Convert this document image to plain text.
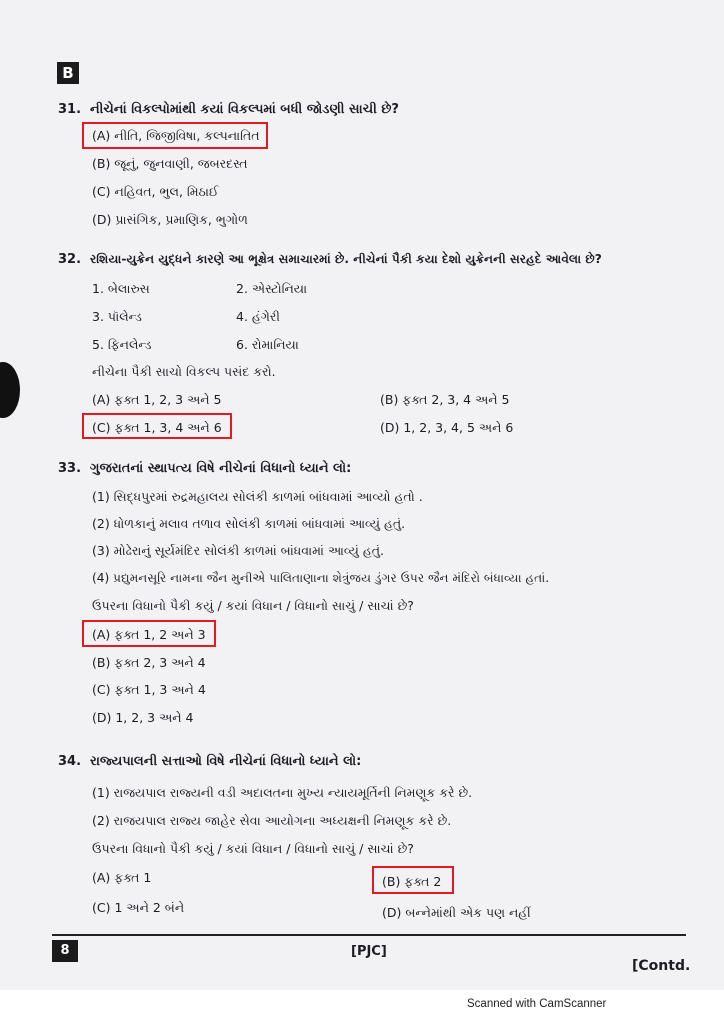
B
31. નીચેનાં વિકલ્પોમાંથી કયાં વિકલ્પમાં બધી જોડણી સાચી છે?
(A) નીતિ, જિજીવિષા, કલ્પનાતિત
(B) જૂનું, જુનવાણી, જબરદસ્ત
(C) નહિવત, ભુલ, મિઠાઈ
(D) પ્રાસંગિક, પ્રમાણિક, ભુગોળ
32. રશિયા-યુક્રેન યુદ્ધને કારણે આ ભૂક્ષેત્ર સમાચારમાં છે. નીચેનાં પૈકી કયા દેશો યુક્રેનની સરહદે આવેલા છે?
1. બેલારુસ	2. એસ્ટોનિયા
3. પૉલેન્ડ	4. હંગેરી
5. ફિનલેન્ડ	6. રોમાનિયા
નીચેના પૈકી સાચો વિકલ્પ પસંદ કરો.
(A) ફક્ત 1, 2, 3 અને 5	(B) ફક્ત 2, 3, 4 અને 5
(C) ફક્ત 1, 3, 4 અને 6	(D) 1, 2, 3, 4, 5 અને 6
33. ગુજરાતનાં સ્થાપત્ય વિષે નીચેનાં વિધાનો ધ્યાને લો:
(1) સિદ્ધપુરમાં રુદ્રમહાલય સોલંકી કાળમાં બાંધવામાં આવ્યો હતો .
(2) ધોળકાનું મલાવ તળાવ સોલંકી કાળમાં બાંધવામાં આવ્યું હતું.
(3) મોઢેરાનું સૂર્યમંદિર સોલંકી કાળમાં બાંધવામાં આવ્યું હતું.
(4) પ્રદ્યુમનસૂરિ નામના જૈન મુનીએ પાલિતાણાના શેત્રુંજય ડુંગર ઉપર જૈન મંદિરો બંધાવ્યા હતાં.
ઉપરના વિધાનો પૈકી કયું / કયાં વિધાન / વિધાનો સાચું / સાચાં છે?
(A) ફક્ત 1, 2 અને 3
(B) ફક્ત 2, 3 અને 4
(C) ફક્ત 1, 3 અને 4
(D) 1, 2, 3 અને 4
34. રાજ્યપાલની સત્તાઓ વિષે નીચેનાં વિધાનો ધ્યાને લો:
(1) રાજયપાલ રાજ્યની વડી અદાલતના મુખ્ય ન્યાયમૂર્તિની નિમણૂક કરે છે.
(2) રાજયપાલ રાજ્ય જાહેર સેવા આયોગના અધ્યક્ષની નિમણૂક કરે છે.
ઉપરના વિધાનો પૈકી કયું / કયાં વિધાન / વિધાનો સાચું / સાચાં છે?
(A) ફક્ત 1	(B) ફક્ત 2
(C) 1 અને 2 બંને	(D) બન્નેમાંથી એક પણ નહીં
8	[PJC]
[Contd.
Scanned with CamScanner
